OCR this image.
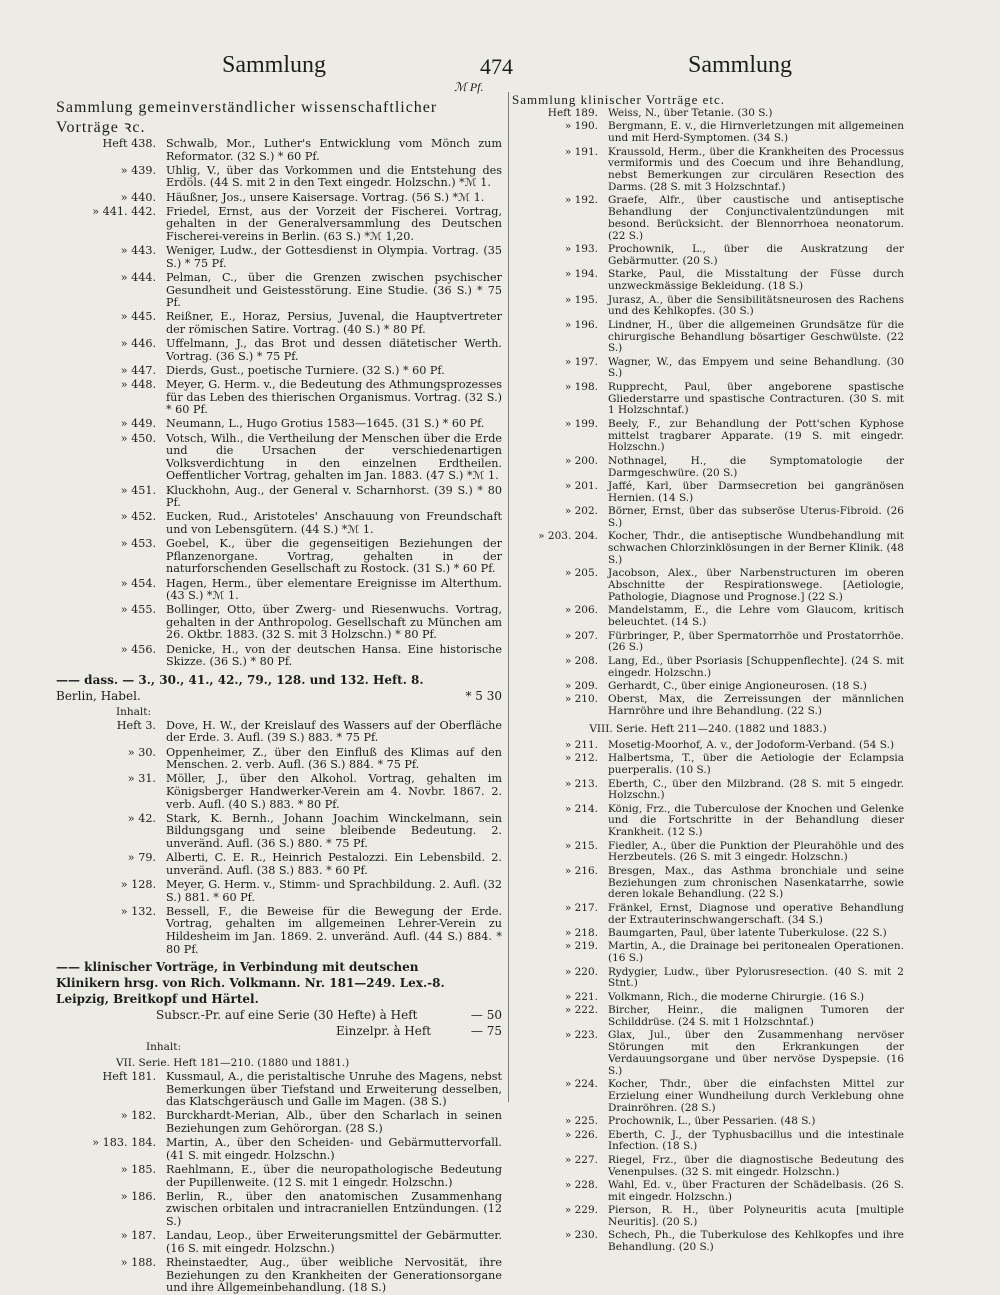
Sammlung	474
ℳ Pf.
Sammlung
Sammlung gemeinverständlicher wissenschaftlicher Vorträge ꝛc.
Heft 438. Schwalb, Mor., Luther's Entwicklung vom Mönch zum Reformator. (32 S.) * 60 Pf.
» 439. Uhlig, V., über das Vorkommen und die Entstehung des Erdöls. (44 S. mit 2 in den Text eingedr. Holzschn.) *ℳ 1.
» 440. Häußner, Jos., unsere Kaisersage. Vortrag. (56 S.) *ℳ 1.
» 441. 442. Friedel, Ernst, aus der Vorzeit der Fischerei. Vortrag, gehalten in der Generalversammlung des Deutschen Fischerei-vereins in Berlin. (63 S.) *ℳ 1,20.
» 443. Weniger, Ludw., der Gottesdienst in Olympia. Vortrag. (35 S.) * 75 Pf.
» 444. Pelman, C., über die Grenzen zwischen psychischer Gesundheit und Geistesstörung. Eine Studie. (36 S.) * 75 Pf.
» 445. Reißner, E., Horaz, Persius, Juvenal, die Hauptvertreter der römischen Satire. Vortrag. (40 S.) * 80 Pf.
» 446. Uffelmann, J., das Brot und dessen diätetischer Werth. Vortrag. (36 S.) * 75 Pf.
» 447. Dierds, Gust., poetische Turniere. (32 S.) * 60 Pf.
» 448. Meyer, G. Herm. v., die Bedeutung des Athmungsprozesses für das Leben des thierischen Organismus. Vortrag. (32 S.) * 60 Pf.
» 449. Neumann, L., Hugo Grotius 1583—1645. (31 S.) * 60 Pf.
» 450. Votsch, Wilh., die Vertheilung der Menschen über die Erde und die Ursachen der verschiedenartigen Volksverdichtung in den einzelnen Erdtheilen. Oeffentlicher Vortrag, gehalten im Jan. 1883. (47 S.) *ℳ 1.
» 451. Kluckhohn, Aug., der General v. Scharnhorst. (39 S.) * 80 Pf.
» 452. Eucken, Rud., Aristoteles' Anschauung von Freundschaft und von Lebensgütern. (44 S.) *ℳ 1.
» 453. Goebel, K., über die gegenseitigen Beziehungen der Pflanzenorgane. Vortrag, gehalten in der naturforschenden Gesellschaft zu Rostock. (31 S.) * 60 Pf.
» 454. Hagen, Herm., über elementare Ereignisse im Alterthum. (43 S.) *ℳ 1.
» 455. Bollinger, Otto, über Zwerg- und Riesenwuchs. Vortrag, gehalten in der Anthropolog. Gesellschaft zu München am 26. Oktbr. 1883. (32 S. mit 3 Holzschn.) * 80 Pf.
» 456. Denicke, H., von der deutschen Hansa. Eine historische Skizze. (36 S.) * 80 Pf.
—— dass. — 3., 30., 41., 42., 79., 128. und 132. Heft. 8.
Berlin, Habel.	* 5 30
Inhalt:
Heft 3. Dove, H. W., der Kreislauf des Wassers auf der Oberfläche der Erde. 3. Aufl. (39 S.) 883. * 75 Pf.
» 30. Oppenheimer, Z., über den Einfluß des Klimas auf den Menschen. 2. verb. Aufl. (36 S.) 884. * 75 Pf.
» 31. Möller, J., über den Alkohol. Vortrag, gehalten im Königsberger Handwerker-Verein am 4. Novbr. 1867. 2. verb. Aufl. (40 S.) 883. * 80 Pf.
» 42. Stark, K. Bernh., Johann Joachim Winckelmann, sein Bildungsgang und seine bleibende Bedeutung. 2. unveränd. Aufl. (36 S.) 880. * 75 Pf.
» 79. Alberti, C. E. R., Heinrich Pestalozzi. Ein Lebensbild. 2. unveränd. Aufl. (38 S.) 883. * 60 Pf.
» 128. Meyer, G. Herm. v., Stimm- und Sprachbildung. 2. Aufl. (32 S.) 881. * 60 Pf.
» 132. Bessell, F., die Beweise für die Bewegung der Erde. Vortrag, gehalten im allgemeinen Lehrer-Verein zu Hildesheim im Jan. 1869. 2. unveränd. Aufl. (44 S.) 884. * 80 Pf.
—— klinischer Vorträge, in Verbindung mit deutschen
Klinikern hrsg. von Rich. Volkmann. Nr. 181—249. Lex.-8.
Leipzig, Breitkopf und Härtel.
Subscr.-Pr. auf eine Serie (30 Hefte) à Heft	— 50
Einzelpr. à Heft	— 75
Inhalt:
VII. Serie. Heft 181—210. (1880 und 1881.)
Heft 181. Kussmaul, A., die peristaltische Unruhe des Magens, nebst Bemerkungen über Tiefstand und Erweiterung desselben, das Klatschgeräusch und Galle im Magen. (38 S.)
» 182. Burckhardt-Merian, Alb., über den Scharlach in seinen Beziehungen zum Gehörorgan. (28 S.)
» 183. 184. Martin, A., über den Scheiden- und Gebärmuttervorfall. (41 S. mit eingedr. Holzschn.)
» 185. Raehlmann, E., über die neuropathologische Bedeutung der Pupillenweite. (12 S. mit 1 eingedr. Holzschn.)
» 186. Berlin, R., über den anatomischen Zusammenhang zwischen orbitalen und intracraniellen Entzündungen. (12 S.)
» 187. Landau, Leop., über Erweiterungsmittel der Gebärmutter. (16 S. mit eingedr. Holzschn.)
» 188. Rheinstaedter, Aug., über weibliche Nervosität, ihre Beziehungen zu den Krankheiten der Generationsorgane und ihre Allgemeinbehandlung. (18 S.)
Sammlung klinischer Vorträge etc.
Heft 189. Weiss, N., über Tetanie. (30 S.)
» 190. Bergmann, E. v., die Hirnverletzungen mit allgemeinen und mit Herd-Symptomen. (34 S.)
» 191. Kraussold, Herm., über die Krankheiten des Processus vermiformis und des Coecum und ihre Behandlung, nebst Bemerkungen zur circulären Resection des Darms. (28 S. mit 3 Holzschntaf.)
» 192. Graefe, Alfr., über caustische und antiseptische Behandlung der Conjunctivalentzündungen mit besond. Berücksicht. der Blennorrhoea neonatorum. (22 S.)
» 193. Prochownik, L., über die Auskratzung der Gebärmutter. (20 S.)
» 194. Starke, Paul, die Misstaltung der Füsse durch unzweckmässige Bekleidung. (18 S.)
» 195. Jurasz, A., über die Sensibilitätsneurosen des Rachens und des Kehlkopfes. (30 S.)
» 196. Lindner, H., über die allgemeinen Grundsätze für die chirurgische Behandlung bösartiger Geschwülste. (22 S.)
» 197. Wagner, W., das Empyem und seine Behandlung. (30 S.)
» 198. Rupprecht, Paul, über angeborene spastische Gliederstarre und spastische Contracturen. (30 S. mit 1 Holzschntaf.)
» 199. Beely, F., zur Behandlung der Pott'schen Kyphose mittelst tragbarer Apparate. (19 S. mit eingedr. Holzschn.)
» 200. Nothnagel, H., die Symptomatologie der Darmgeschwüre. (20 S.)
» 201. Jaffé, Karl, über Darmsecretion bei gangränösen Hernien. (14 S.)
» 202. Börner, Ernst, über das subseröse Uterus-Fibroid. (26 S.)
» 203. 204. Kocher, Thdr., die antiseptische Wundbehandlung mit schwachen Chlorzinklösungen in der Berner Klinik. (48 S.)
» 205. Jacobson, Alex., über Narbenstructuren im oberen Abschnitte der Respirationswege. [Aetiologie, Pathologie, Diagnose und Prognose.] (22 S.)
» 206. Mandelstamm, E., die Lehre vom Glaucom, kritisch beleuchtet. (14 S.)
» 207. Fürbringer, P., über Spermatorrhöe und Prostatorrhöe. (26 S.)
» 208. Lang, Ed., über Psoriasis [Schuppenflechte]. (24 S. mit eingedr. Holzschn.)
» 209. Gerhardt, C., über einige Angioneurosen. (18 S.)
» 210. Oberst, Max, die Zerreissungen der männlichen Harnröhre und ihre Behandlung. (22 S.)
VIII. Serie. Heft 211—240. (1882 und 1883.)
» 211. Mosetig-Moorhof, A. v., der Jodoform-Verband. (54 S.)
» 212. Halbertsma, T., über die Aetiologie der Eclampsia puerperalis. (10 S.)
» 213. Eberth, C., über den Milzbrand. (28 S. mit 5 eingedr. Holzschn.)
» 214. König, Frz., die Tuberculose der Knochen und Gelenke und die Fortschritte in der Behandlung dieser Krankheit. (12 S.)
» 215. Fiedler, A., über die Punktion der Pleurahöhle und des Herzbeutels. (26 S. mit 3 eingedr. Holzschn.)
» 216. Bresgen, Max., das Asthma bronchiale und seine Beziehungen zum chronischen Nasenkatarrhe, sowie deren lokale Behandlung. (22 S.)
» 217. Fränkel, Ernst, Diagnose und operative Behandlung der Extrauterinschwangerschaft. (34 S.)
» 218. Baumgarten, Paul, über latente Tuberkulose. (22 S.)
» 219. Martin, A., die Drainage bei peritonealen Operationen. (16 S.)
» 220. Rydygier, Ludw., über Pylorusresection. (40 S. mit 2 Stnt.)
» 221. Volkmann, Rich., die moderne Chirurgie. (16 S.)
» 222. Bircher, Heinr., die malignen Tumoren der Schilddrüse. (24 S. mit 1 Holzschntaf.)
» 223. Glax, Jul., über den Zusammenhang nervöser Störungen mit den Erkrankungen der Verdauungsorgane und über nervöse Dyspepsie. (16 S.)
» 224. Kocher, Thdr., über die einfachsten Mittel zur Erzielung einer Wundheilung durch Verklebung ohne Drainröhren. (28 S.)
» 225. Prochownik, L., über Pessarien. (48 S.)
» 226. Eberth, C. J., der Typhusbacillus und die intestinale Infection. (18 S.)
» 227. Riegel, Frz., über die diagnostische Bedeutung des Venenpulses. (32 S. mit eingedr. Holzschn.)
» 228. Wahl, Ed. v., über Fracturen der Schädelbasis. (26 S. mit eingedr. Holzschn.)
» 229. Pierson, R. H., über Polyneuritis acuta [multiple Neuritis]. (20 S.)
» 230. Schech, Ph., die Tuberkulose des Kehlkopfes und ihre Behandlung. (20 S.)
